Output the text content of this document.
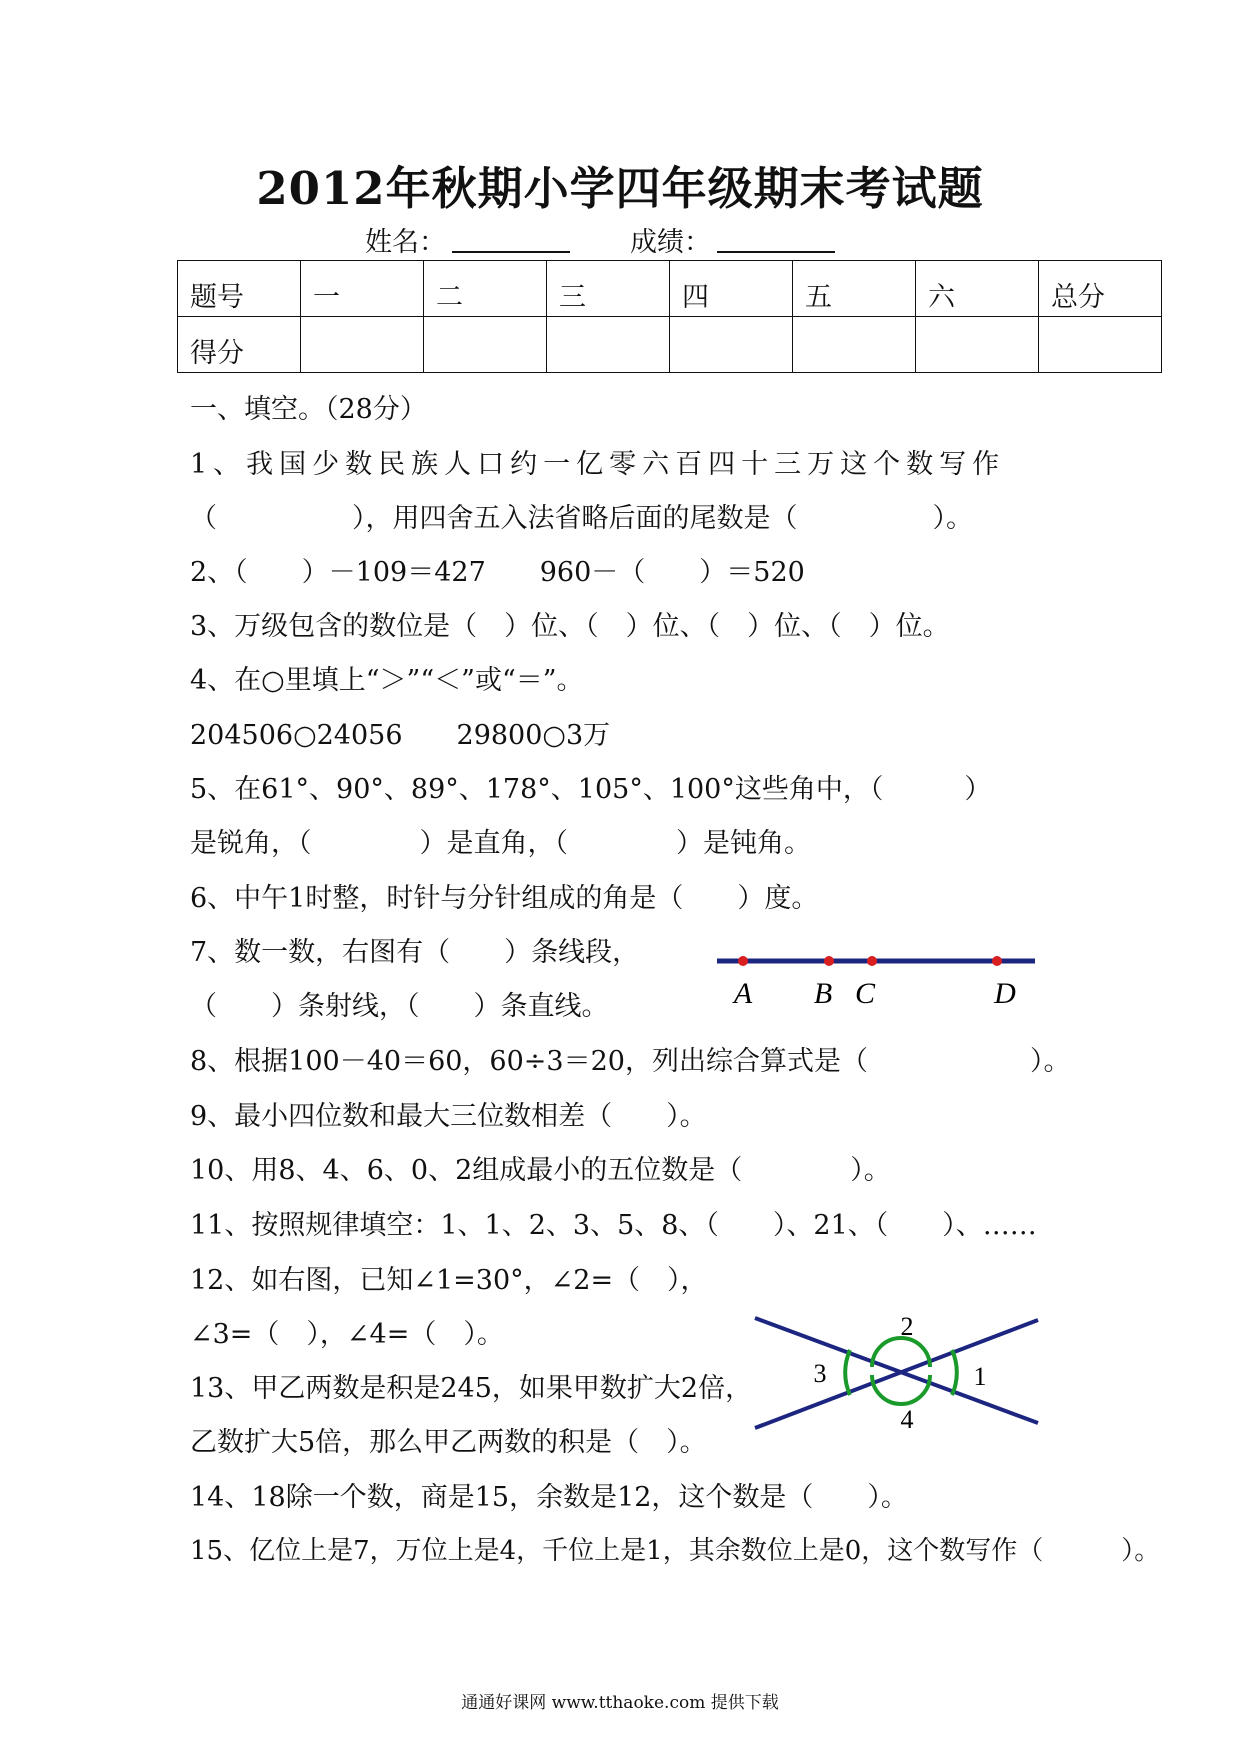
2012年秋期小学四年级期末考试题
姓名：	成绩：
题号	一	二	三	四	五	六	总分
得分							
一、填空。（28分）
1、我国少数民族人口约一亿零六百四十三万这个数写作
（　　　　　），用四舍五入法省略后面的尾数是（　　　　　）。
2、（　　）－109＝427　　960－（　　）＝520
3、万级包含的数位是（　）位、（　）位、（　）位、（　）位。
4、在○里填上“＞”“＜”或“＝”。
204506○24056　　29800○3万
5、在61°、90°、89°、178°、105°、100°这些角中，（　　　）
是锐角，（　　　　）是直角，（　　　　）是钝角。
6、中午1时整，时针与分针组成的角是（　　）度。
7、数一数，右图有（　　）条线段，
（　　）条射线，（　　）条直线。
8、根据100－40＝60，60÷3＝20，列出综合算式是（　　　　　　）。
9、最小四位数和最大三位数相差（　　）。
10、用8、4、6、0、2组成最小的五位数是（　　　　）。
11、按照规律填空：1、1、2、3、5、8、（　　）、21、（　　）、……
12、如右图，已知∠1=30°，∠2=（　），
∠3=（　），∠4=（　）。
13、甲乙两数是积是245，如果甲数扩大2倍，
乙数扩大5倍，那么甲乙两数的积是（　）。
14、18除一个数，商是15，余数是12，这个数是（　　）。
15、亿位上是7，万位上是4，千位上是1，其余数位上是0，这个数写作（　　　）。
A B C	D
1
2
3
4
通通好课网 www.tthaoke.com 提供下载
